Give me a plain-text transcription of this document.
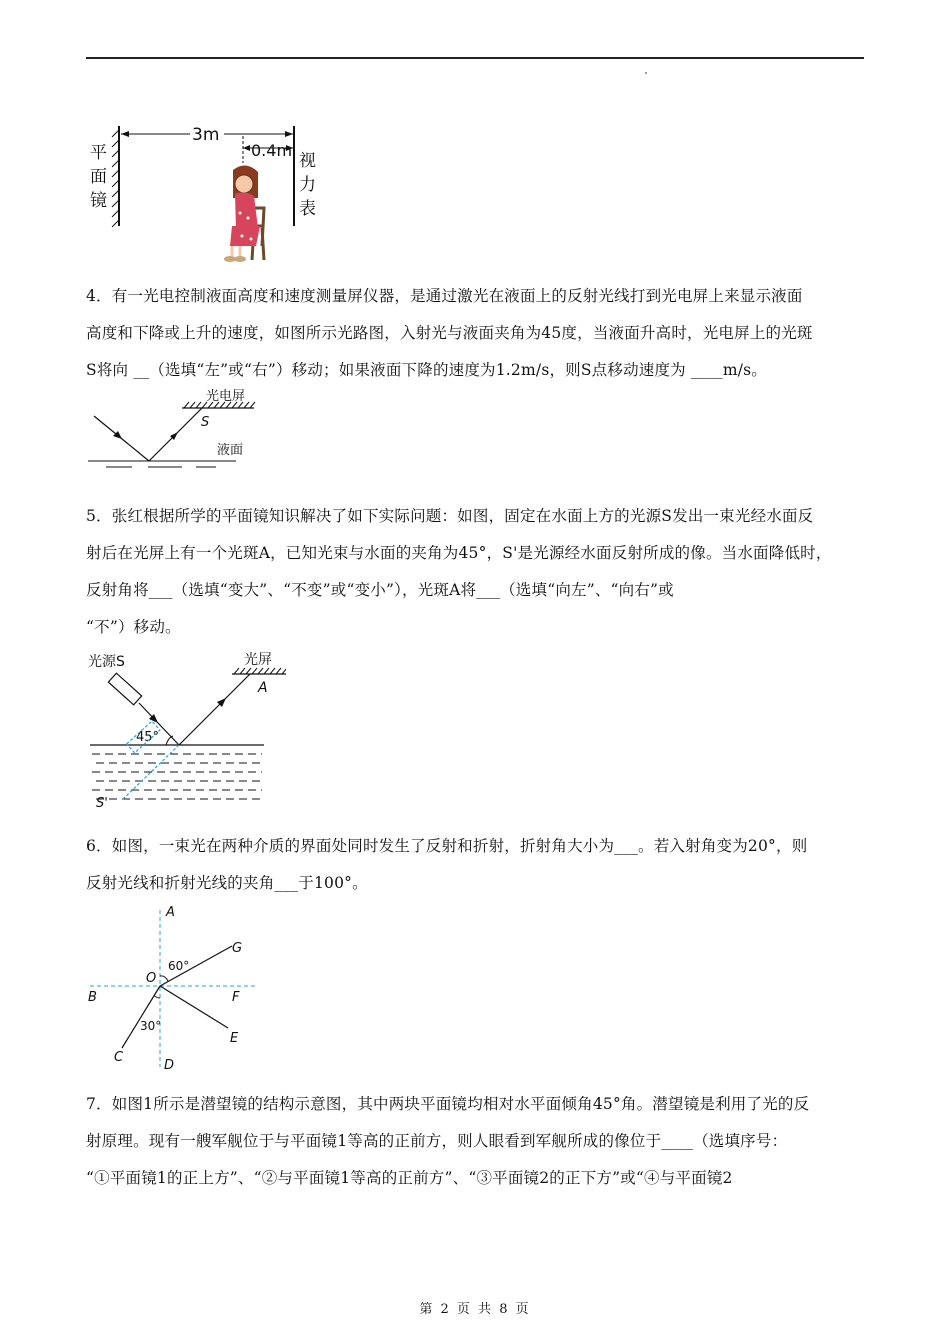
平
面
镜
3m
0.4m
视
力
表
4．有一光电控制液面高度和速度测量屏仪器，是通过激光在液面上的反射光线打到光电屏上来显示液面
高度和下降或上升的速度，如图所示光路图，入射光与液面夹角为45度，当液面升高时，光电屏上的光斑
S将向 __（选填“左”或“右”）移动；如果液面下降的速度为1.2m/s，则S点移动速度为 ____m/s。
光电屏
S
液面
5．张红根据所学的平面镜知识解决了如下实际问题：如图，固定在水面上方的光源S发出一束光经水面反
射后在光屏上有一个光斑A，已知光束与水面的夹角为45°，S'是光源经水面反射所成的像。当水面降低时，
反射角将___（选填“变大”、“不变”或“变小”），光斑A将___（选填“向左”、“向右”或
“不”）移动。
光源S	光屏
A
45°
S'
6．如图，一束光在两种介质的界面处同时发生了反射和折射，折射角大小为___。若入射角变为20°，则
反射光线和折射光线的夹角___于100°。
A
G
60°
O
B	F
30°
E
C
D
7．如图1所示是潜望镜的结构示意图，其中两块平面镜均相对水平面倾角45°角。潜望镜是利用了光的反
射原理。现有一艘军舰位于与平面镜1等高的正前方，则人眼看到军舰所成的像位于____（选填序号：
“①平面镜1的正上方”、“②与平面镜1等高的正前方”、“③平面镜2的正下方”或“④与平面镜2
第 2 页 共 8 页
